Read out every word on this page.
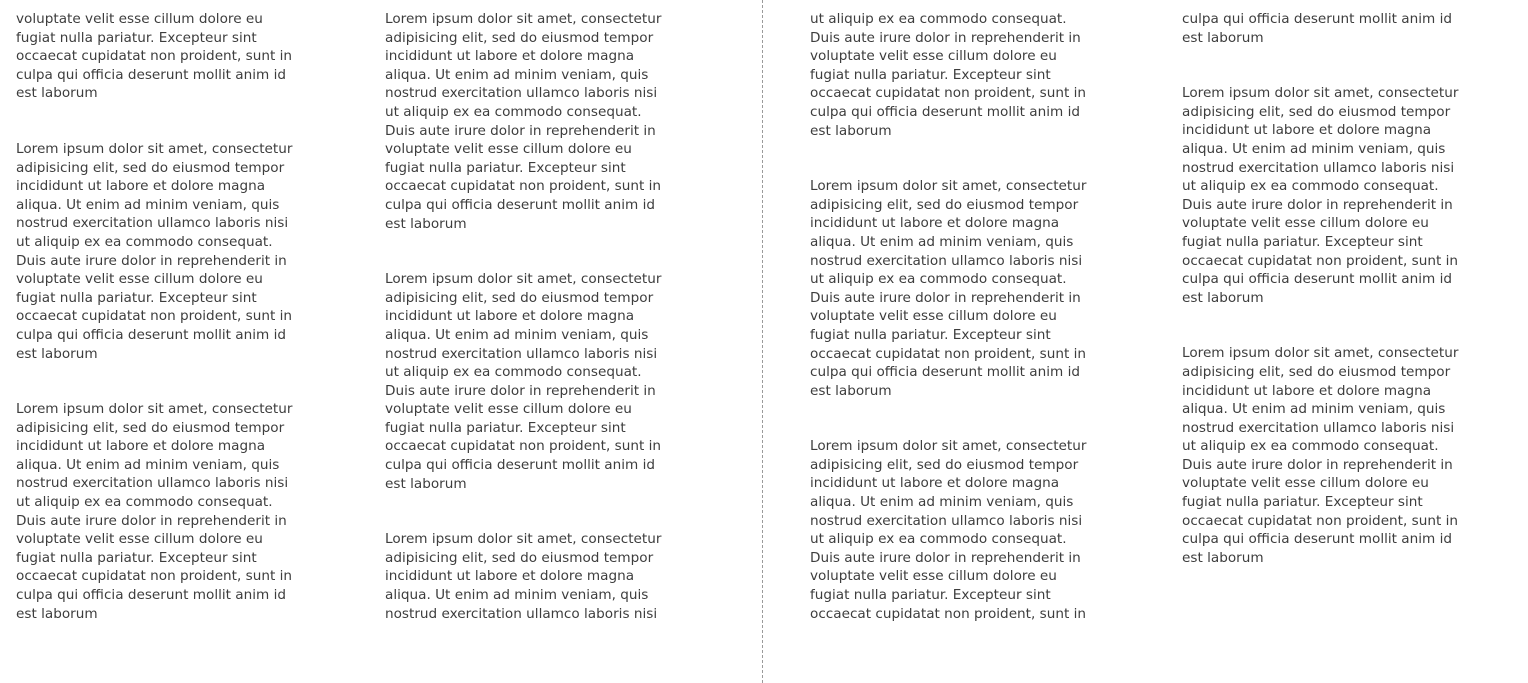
voluptate velit esse cillum dolore eu
fugiat nulla pariatur. Excepteur sint
occaecat cupidatat non proident, sunt in
culpa qui officia deserunt mollit anim id
est laborum

Lorem ipsum dolor sit amet, consectetur
adipisicing elit, sed do eiusmod tempor
incididunt ut labore et dolore magna
aliqua. Ut enim ad minim veniam, quis
nostrud exercitation ullamco laboris nisi
ut aliquip ex ea commodo consequat.
Duis aute irure dolor in reprehenderit in
voluptate velit esse cillum dolore eu
fugiat nulla pariatur. Excepteur sint
occaecat cupidatat non proident, sunt in
culpa qui officia deserunt mollit anim id
est laborum

Lorem ipsum dolor sit amet, consectetur
adipisicing elit, sed do eiusmod tempor
incididunt ut labore et dolore magna
aliqua. Ut enim ad minim veniam, quis
nostrud exercitation ullamco laboris nisi
ut aliquip ex ea commodo consequat.
Duis aute irure dolor in reprehenderit in
voluptate velit esse cillum dolore eu
fugiat nulla pariatur. Excepteur sint
occaecat cupidatat non proident, sunt in
culpa qui officia deserunt mollit anim id
est laborum

Lorem ipsum dolor sit amet, consectetur
adipisicing elit, sed do eiusmod tempor
incididunt ut labore et dolore magna
aliqua. Ut enim ad minim veniam, quis
nostrud exercitation ullamco laboris nisi
ut aliquip ex ea commodo consequat.
Duis aute irure dolor in reprehenderit in
voluptate velit esse cillum dolore eu
fugiat nulla pariatur. Excepteur sint
occaecat cupidatat non proident, sunt in
culpa qui officia deserunt mollit anim id
est laborum

Lorem ipsum dolor sit amet, consectetur
adipisicing elit, sed do eiusmod tempor
incididunt ut labore et dolore magna
aliqua. Ut enim ad minim veniam, quis
nostrud exercitation ullamco laboris nisi
ut aliquip ex ea commodo consequat.
Duis aute irure dolor in reprehenderit in
voluptate velit esse cillum dolore eu
fugiat nulla pariatur. Excepteur sint
occaecat cupidatat non proident, sunt in
culpa qui officia deserunt mollit anim id
est laborum

Lorem ipsum dolor sit amet, consectetur
adipisicing elit, sed do eiusmod tempor
incididunt ut labore et dolore magna
aliqua. Ut enim ad minim veniam, quis
nostrud exercitation ullamco laboris nisi

ut aliquip ex ea commodo consequat.
Duis aute irure dolor in reprehenderit in
voluptate velit esse cillum dolore eu
fugiat nulla pariatur. Excepteur sint
occaecat cupidatat non proident, sunt in
culpa qui officia deserunt mollit anim id
est laborum

Lorem ipsum dolor sit amet, consectetur
adipisicing elit, sed do eiusmod tempor
incididunt ut labore et dolore magna
aliqua. Ut enim ad minim veniam, quis
nostrud exercitation ullamco laboris nisi
ut aliquip ex ea commodo consequat.
Duis aute irure dolor in reprehenderit in
voluptate velit esse cillum dolore eu
fugiat nulla pariatur. Excepteur sint
occaecat cupidatat non proident, sunt in
culpa qui officia deserunt mollit anim id
est laborum

Lorem ipsum dolor sit amet, consectetur
adipisicing elit, sed do eiusmod tempor
incididunt ut labore et dolore magna
aliqua. Ut enim ad minim veniam, quis
nostrud exercitation ullamco laboris nisi
ut aliquip ex ea commodo consequat.
Duis aute irure dolor in reprehenderit in
voluptate velit esse cillum dolore eu
fugiat nulla pariatur. Excepteur sint
occaecat cupidatat non proident, sunt in

culpa qui officia deserunt mollit anim id
est laborum

Lorem ipsum dolor sit amet, consectetur
adipisicing elit, sed do eiusmod tempor
incididunt ut labore et dolore magna
aliqua. Ut enim ad minim veniam, quis
nostrud exercitation ullamco laboris nisi
ut aliquip ex ea commodo consequat.
Duis aute irure dolor in reprehenderit in
voluptate velit esse cillum dolore eu
fugiat nulla pariatur. Excepteur sint
occaecat cupidatat non proident, sunt in
culpa qui officia deserunt mollit anim id
est laborum

Lorem ipsum dolor sit amet, consectetur
adipisicing elit, sed do eiusmod tempor
incididunt ut labore et dolore magna
aliqua. Ut enim ad minim veniam, quis
nostrud exercitation ullamco laboris nisi
ut aliquip ex ea commodo consequat.
Duis aute irure dolor in reprehenderit in
voluptate velit esse cillum dolore eu
fugiat nulla pariatur. Excepteur sint
occaecat cupidatat non proident, sunt in
culpa qui officia deserunt mollit anim id
est laborum
